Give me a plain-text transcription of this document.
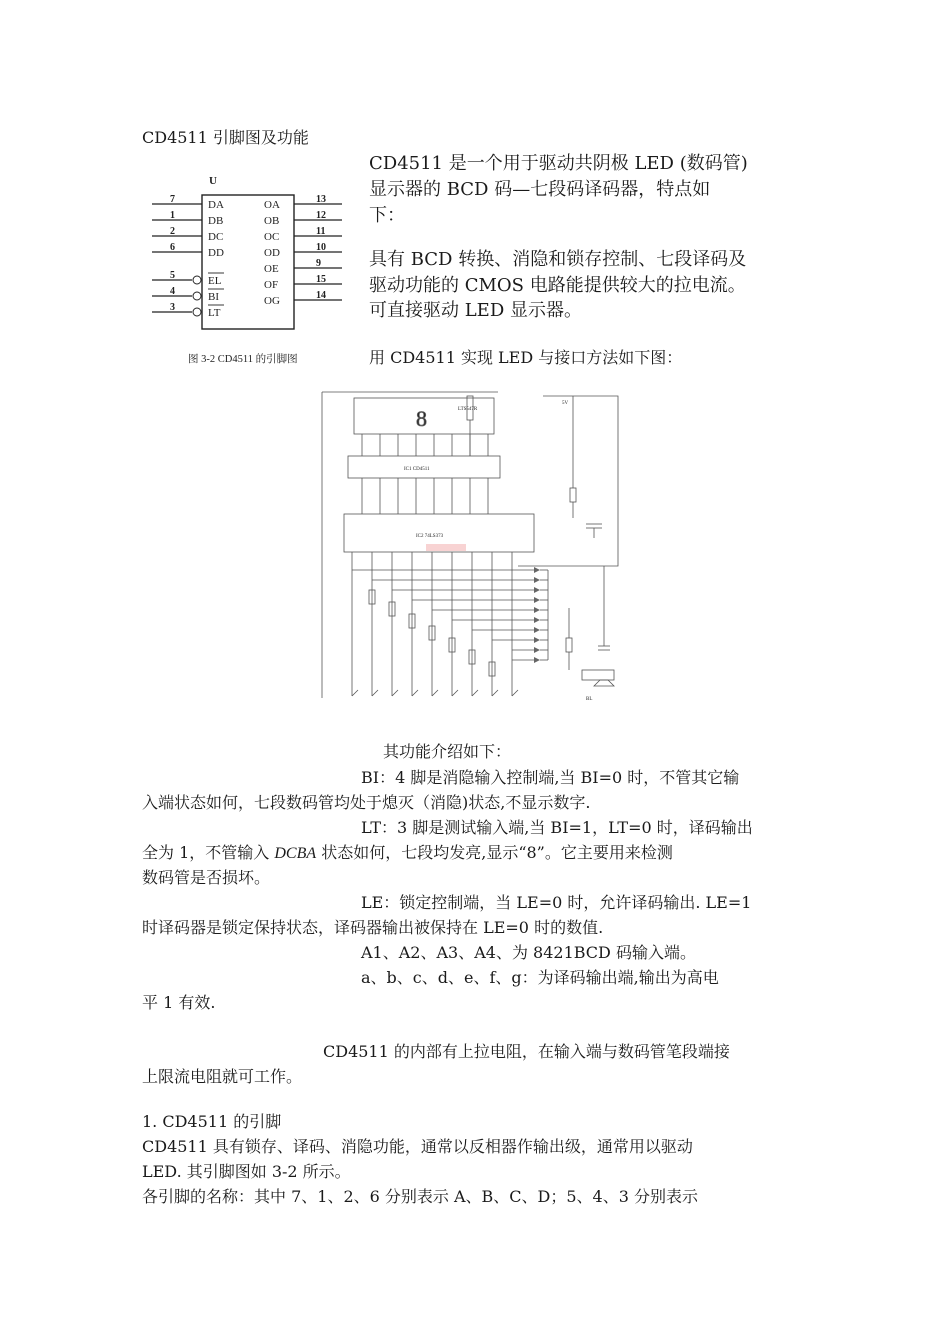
CD4511 引脚图及功能
U
7	DA
1	DB
2	DC
6	DD
5	EL
4	BI
3	LT
13
OA
12
OB
11
OC
10
OD
9
OE
15
OF
14
OG
图 3-2 CD4511 的引脚图
CD4511 是一个用于驱动共阴极 LED (数码管)
显示器的 BCD 码—七段码译码器，特点如
下：
具有 BCD 转换、消隐和锁存控制、七段译码及
驱动功能的 CMOS 电路能提供较大的拉电流。
可直接驱动 LED 显示器。
用 CD4511 实现 LED 与接口方法如下图：
8	LTS547R
IC1 CD4511
IC2 74LS373
BL
5V
其功能介绍如下：
BI：4 脚是消隐输入控制端,当 BI=0 时，不管其它输
入端状态如何，七段数码管均处于熄灭（消隐)状态,不显示数字.
LT：3 脚是测试输入端,当 BI=1，LT=0 时，译码输出
全为 1，不管输入 DCBA 状态如何，七段均发亮,显示“8”。它主要用来检测
数码管是否损坏。
LE：锁定控制端，当 LE=0 时，允许译码输出. LE=1
时译码器是锁定保持状态，译码器输出被保持在 LE=0 时的数值.
A1、A2、A3、A4、为 8421BCD 码输入端。
a、b、c、d、e、f、g：为译码输出端,输出为高电
平 1 有效.
CD4511 的内部有上拉电阻，在输入端与数码管笔段端接
上限流电阻就可工作。
1. CD4511 的引脚
CD4511 具有锁存、译码、消隐功能，通常以反相器作输出级，通常用以驱动
LED. 其引脚图如 3-2 所示。
各引脚的名称：其中 7、1、2、6 分别表示 A、B、C、D；5、4、3 分别表示
